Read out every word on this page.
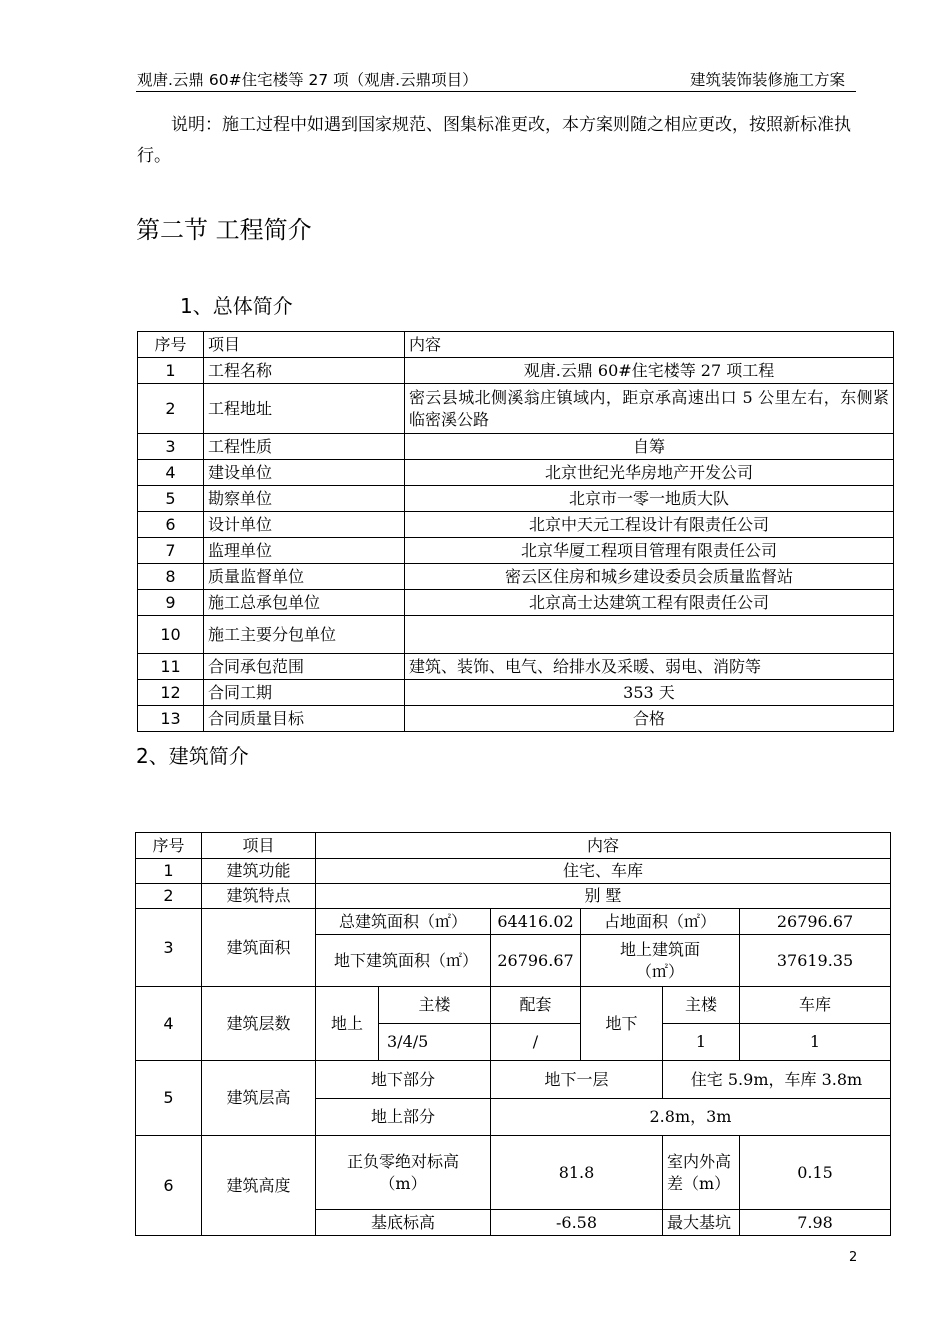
观唐.云鼎 60#住宅楼等 27 项（观唐.云鼎项目）	建筑装饰装修施工方案
说明：施工过程中如遇到国家规范、图集标准更改，本方案则随之相应更改，按照新标准执行。
第二节 工程简介
1、总体简介
序号	项目	内容
1	工程名称	观唐.云鼎 60#住宅楼等 27 项工程
2	工程地址	密云县城北侧溪翁庄镇域内，距京承高速出口 5 公里左右，东侧紧临密溪公路
3	工程性质	自筹
4	建设单位	北京世纪光华房地产开发公司
5	勘察单位	北京市一零一地质大队
6	设计单位	北京中天元工程设计有限责任公司
7	监理单位	北京华厦工程项目管理有限责任公司
8	质量监督单位	密云区住房和城乡建设委员会质量监督站
9	施工总承包单位	北京高士达建筑工程有限责任公司
10	施工主要分包单位	
11	合同承包范围	建筑、装饰、电气、给排水及采暖、弱电、消防等
12	合同工期	353 天
13	合同质量目标	合格
2、建筑简介
序号	项目	内容					
1	建筑功能	住宅、车库					
2	建筑特点	别 墅					
3	建筑面积	总建筑面积（㎡）		64416.02	占地面积（㎡）		26796.67
		地下建筑面积（㎡）		26796.67	地上建筑面（㎡）		37619.35
4	建筑层数	地上	主楼	配套	地下	主楼	车库
			3/4/5	/		1	1
5	建筑层高	地下部分		地下一层		住宅 5.9m，车库 3.8m	
		地上部分		2.8m，3m			
6	建筑高度	正负零绝对标高（m）		81.8		室内外高差（m）	0.15
		基底标高		-6.58		最大基坑	7.98
2
